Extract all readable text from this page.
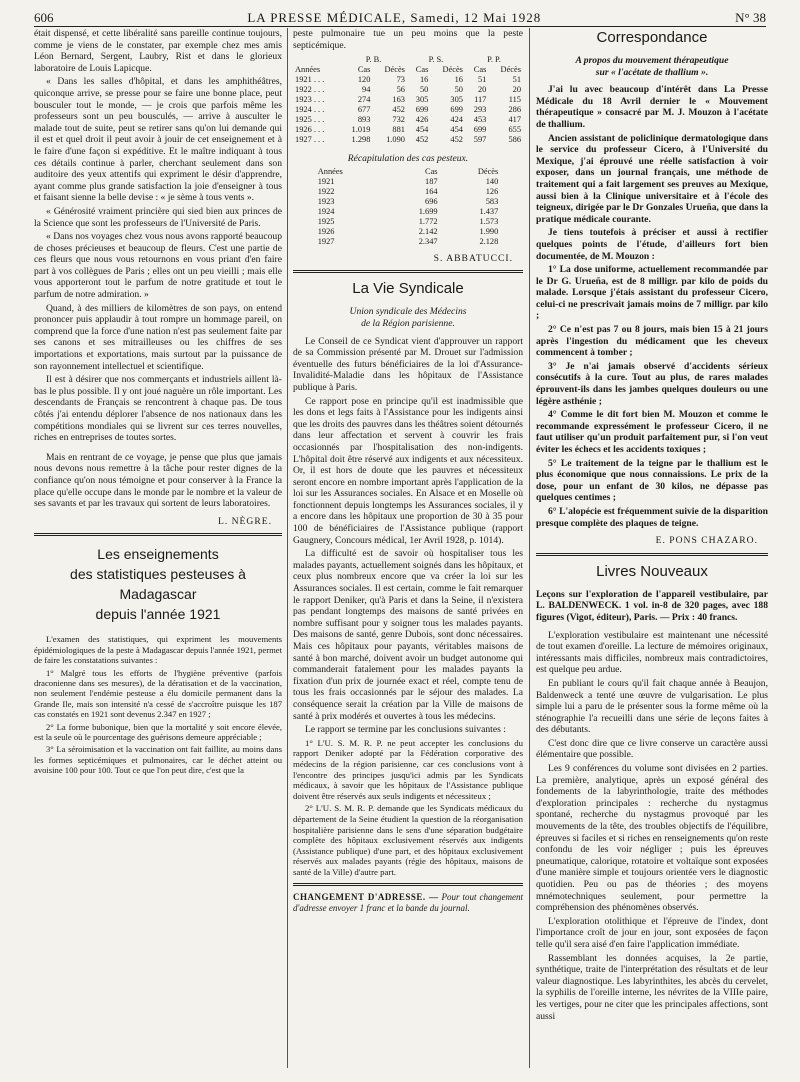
606	LA PRESSE MÉDICALE, Samedi, 12 Mai 1928	N° 38

était dispensé, et cette libéralité sans pareille continue toujours, comme je viens de le constater, par exemple chez mes amis Léon Bernard, Sergent, Laubry, Rist et dans le glorieux laboratoire de Louis Lapicque.

« Dans les salles d'hôpital, et dans les amphithéâtres, quiconque arrive, se presse pour se faire une bonne place, peut bousculer tout le monde, — je crois que parfois même les professeurs sont un peu bousculés, — arrive à ausculter le malade tout de suite, peut se retirer sans qu'on lui demande qui il est et quel droit il peut avoir à jouir de cet enseignement et à le faire d'une façon si expéditive. Et le maître indiquant à tous ces détails continue à parler, cherchant seulement dans son auditoire des yeux attentifs qui expriment le désir d'apprendre, ayant comme plus grande satisfaction la joie d'enseigner à tous et faisant sienne la belle devise : « je sème à tous vents ».

« Générosité vraiment princière qui sied bien aux princes de la Science que sont les professeurs de l'Université de Paris.

« Dans nos voyages chez vous nous avons rapporté beaucoup de choses précieuses et beaucoup de fleurs. C'est une partie de ces fleurs que nous vous retournons en vous priant d'en faire part à vos collègues de Paris ; elles ont un peu vieilli ; mais elle vous apporteront tout le parfum de notre gratitude et tout le parfum de notre admiration. »

Quand, à des milliers de kilomètres de son pays, on entend prononcer puis applaudir à tout rompre un hommage pareil, on comprend que la force d'une nation n'est pas seulement faite par ses canons et ses mitrailleuses ou les chiffres de ses importations et exportations, mais surtout par la puissance de son rayonnement intellectuel et scientifique.

Il est à désirer que nos commerçants et industriels aillent là-bas le plus possible. Il y ont joué naguère un rôle important. Les descendants de Français se rencontrent à chaque pas. De tous côtés j'ai entendu déplorer l'absence de nos nationaux dans les compétitions mondiales qui se livrent sur ces terres nouvelles, riches en entreprises de toutes sortes.

Mais en rentrant de ce voyage, je pense que plus que jamais nous devons nous remettre à la tâche pour rester dignes de la confiance qu'on nous témoigne et pour conserver à la France la place qu'elle occupe dans le monde par le nombre et la valeur de ses savants et par les travaux qui sortent de leurs laboratoires.

L. NÈGRE.
Les enseignements
des statistiques pesteuses à Madagascar
depuis l'année 1921

L'examen des statistiques, qui expriment les mouvements épidémiologiques de la peste à Madagascar depuis l'année 1921, permet de faire les constatations suivantes :

1° Malgré tous les efforts de l'hygiène préventive (parfois draconienne dans ses mesures), de la dératisation et de la vaccination, non seulement l'endémie pesteuse a élu domicile permanent dans la Grande Ile, mais son intensité n'a cessé de s'accroître puisque les 187 cas constatés en 1921 sont devenus 2.347 en 1927 ;

2° La forme bubonique, bien que la mortalité y soit encore élevée, est la seule où le pourcentage des guérisons demeure appréciable ;

3° La séroimisation et la vaccination ont fait faillite, au moins dans les formes septicémiques et pulmonaires, car le déchet atteint ou avoisine 100 pour 100. Tout ce que l'on peut dire, c'est que la

peste pulmonaire tue un peu moins que la peste septicémique.

	P. B.		P. S.		P. P.	
Années	Cas	Décès	Cas	Décès	Cas	Décès
1921 . . .	120	73	16	16	51	51
1922 . . .	94	56	50	50	20	20
1923 . . .	274	163	305	305	117	115
1924 . . .	677	452	699	699	293	286
1925 . . .	893	732	426	424	453	417
1926 . . .	1.019	881	454	454	699	655
1927 . . .	1.298	1.090	452	452	597	586
Récapitulation des cas pesteux.
Années	Cas	Décès
1921	187	140
1922	164	126
1923	696	583
1924	1.699	1.437
1925	1.772	1.573
1926	2.142	1.990
1927	2.347	2.128
S. ABBATUCCI.
La Vie Syndicale
Union syndicale des Médecins
de la Région parisienne.

Le Conseil de ce Syndicat vient d'approuver un rapport de sa Commission présenté par M. Drouet sur l'admission éventuelle des futurs bénéficiaires de la loi d'Assurance-Invalidité-Maladie dans les hôpitaux de l'Assistance publique à Paris.

Ce rapport pose en principe qu'il est inadmissible que les dons et legs faits à l'Assistance pour les indigents ainsi que les droits des pauvres dans les théâtres soient détournés dans leur affectation et servent à couvrir les frais occasionnés par l'hospitalisation des non-indigents. L'hôpital doit être réservé aux indigents et aux nécessiteux. Or, il est hors de doute que les pauvres et nécessiteux seront encore en nombre important après l'application de la loi sur les Assurances sociales. En Alsace et en Moselle où fonctionnent depuis longtemps les Assurances sociales, il y a encore dans les hôpitaux une proportion de 30 à 35 pour 100 de bénéficiaires de l'Assistance publique (rapport Gaugnery, Concours médical, 1er Avril 1928, p. 1014).

La difficulté est de savoir où hospitaliser tous les malades payants, actuellement soignés dans les hôpitaux, et ceux plus nombreux encore que va créer la loi sur les Assurances sociales. Il est certain, comme le fait remarquer le rapport Deniker, qu'à Paris et dans la Seine, il n'existera pas pendant longtemps des maisons de santé privées en nombre suffisant pour y soigner tous les malades payants. Des maisons de santé, genre Dubois, sont donc nécessaires. Mais ces hôpitaux pour payants, véritables maisons de santé à bon marché, doivent avoir un budget autonome qui commanderait fatalement pour les malades payants la fixation d'un prix de journée exact et réel, compte tenu de tous les frais occasionnés par le séjour des malades. La conséquence serait la création par la Ville de maisons de santé à prix modérés et ouvertes à tous les médecins.

Le rapport se termine par les conclusions suivantes :

1° L'U. S. M. R. P. ne peut accepter les conclusions du rapport Deniker adopté par la Fédération corporative des médecins de la région parisienne, car ces conclusions vont à l'encontre des principes jusqu'ici admis par les Syndicats médicaux, à savoir que les hôpitaux de l'Assistance publique doivent être réservés aux seuls indigents et nécessiteux ;

2° L'U. S. M. R. P. demande que les Syndicats médicaux du département de la Seine étudient la question de la réorganisation hospitalière parisienne dans le sens d'une séparation budgétaire complète des hôpitaux exclusivement réservés aux indigents (Assistance publique) d'une part, et des hôpitaux exclusivement réservés aux malades payants (régie des hôpitaux, maisons de santé de la Ville) d'autre part.

CHANGEMENT D'ADRESSE. — Pour tout changement d'adresse envoyer 1 franc et la bande du journal.
Correspondance
A propos du mouvement thérapeutique
sur « l'acétate de thallium ».

J'ai lu avec beaucoup d'intérêt dans La Presse Médicale du 18 Avril dernier le « Mouvement thérapeutique » consacré par M. J. Mouzon à l'acétate de thallium.

Ancien assistant de policlinique dermatologique dans le service du professeur Cicero, à l'Université du Mexique, j'ai éprouvé une réelle satisfaction à voir exposer, dans un journal français, une méthode de traitement qui a fait largement ses preuves au Mexique, aussi bien à la Clinique universitaire et à l'école des teigneux, dirigée par le Dr Gonzales Urueña, que dans la pratique médicale courante.

Je tiens toutefois à préciser et aussi à rectifier quelques points de l'étude, d'ailleurs fort bien documentée, de M. Mouzon :

1° La dose uniforme, actuellement recommandée par le Dr G. Urueña, est de 8 milligr. par kilo de poids du malade. Lorsque j'étais assistant du professeur Cicero, celui-ci ne prescrivait jamais moins de 7 milligr. par kilo ;

2° Ce n'est pas 7 ou 8 jours, mais bien 15 à 21 jours après l'ingestion du médicament que les cheveux commencent à tomber ;

3° Je n'ai jamais observé d'accidents sérieux consécutifs à la cure. Tout au plus, de rares malades éprouvent-ils dans les jambes quelques douleurs ou une légère asthénie ;

4° Comme le dit fort bien M. Mouzon et comme le recommande expressément le professeur Cicero, il ne faut utiliser qu'un produit parfaitement pur, si l'on veut éviter les échecs et les accidents toxiques ;

5° Le traitement de la teigne par le thallium est le plus économique que nous connaissions. Le prix de la dose, pour un enfant de 30 kilos, ne dépasse pas quelques centimes ;

6° L'alopécie est fréquemment suivie de la disparition presque complète des plaques de teigne.

E. PONS CHAZARO.
Livres Nouveaux

Leçons sur l'exploration de l'appareil vestibulaire, par L. BALDENWECK. 1 vol. in-8 de 320 pages, avec 188 figures (Vigot, éditeur), Paris. — Prix : 40 francs.

L'exploration vestibulaire est maintenant une nécessité de tout examen d'oreille. La lecture de mémoires originaux, intéressants mais difficiles, nombreux mais contradictoires, est quelque peu ardue.

En publiant le cours qu'il fait chaque année à Beaujon, Baldenweck a tenté une œuvre de vulgarisation. Le plus simple lui a paru de le présenter sous la forme même où la sténographie l'a recueilli dans une série de leçons faites à des débutants.

C'est donc dire que ce livre conserve un caractère aussi élémentaire que possible.

Les 9 conférences du volume sont divisées en 2 parties. La première, analytique, après un exposé général des fondements de la labyrinthologie, traite des méthodes d'exploration principales : recherche du nystagmus spontané, recherche du nystagmus provoqué par les mouvements de la tête, des troubles objectifs de l'équilibre, épreuves si faciles et si riches en renseignements qu'on reste confondu de les voir négliger ; puis les épreuves pneumatique, calorique, rotatoire et voltaïque sont exposées d'une manière simple et toujours orientée vers le diagnostic quotidien. Peu ou pas de théories ; des moyens mnémotechniques seulement, pour permettre la compréhension des phénomènes observés.

L'exploration otolithique et l'épreuve de l'index, dont l'importance croît de jour en jour, sont exposées de façon telle qu'il sera aisé d'en faire l'application immédiate.

Rassemblant les données acquises, la 2e partie, synthétique, traite de l'interprétation des résultats et de leur valeur diagnostique. Les labyrinthites, les abcès du cervelet, la syphilis de l'oreille interne, les névrites de la VIIIe paire, les vertiges, pour ne citer que les principales affections, sont aussi
